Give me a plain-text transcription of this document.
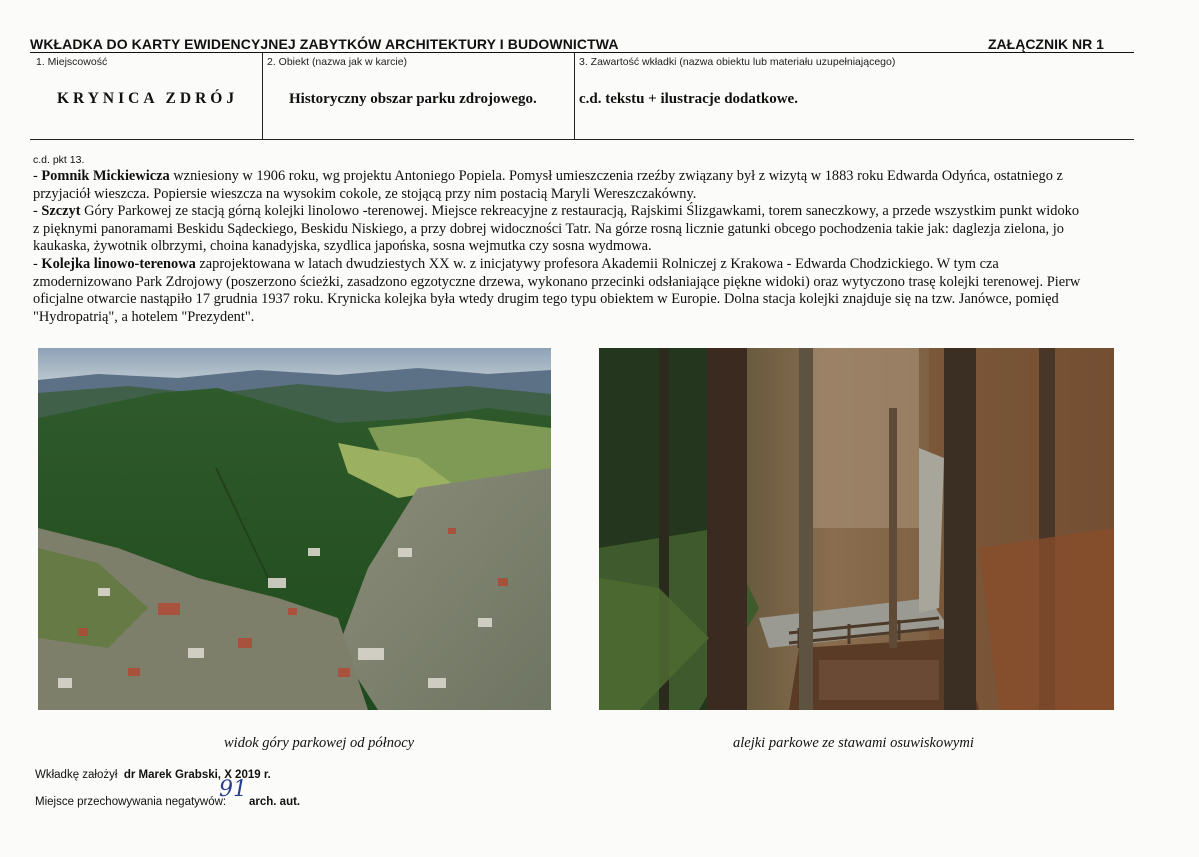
WKŁADKA DO KARTY EWIDENCYJNEJ ZABYTKÓW ARCHITEKTURY I BUDOWNICTWA	ZAŁĄCZNIK NR 1
1. Miejscowość	2. Obiekt (nazwa jak w karcie)	3. Zawartość wkładki (nazwa obiektu lub materiału uzupełniającego)
KRYNICA ZDRÓJ	Historyczny obszar parku zdrojowego.	c.d. tekstu + ilustracje dodatkowe.
c.d. pkt 13.
- Pomnik Mickiewicza wzniesiony w 1906 roku, wg projektu Antoniego Popiela. Pomysł umieszczenia rzeźby związany był z wizytą w 1883 roku Edwarda Odyńca, ostatniego z
przyjaciół wieszcza. Popiersie wieszcza na wysokim cokole, ze stojącą przy nim postacią Maryli Wereszczakówny.
- Szczyt Góry Parkowej ze stacją górną kolejki linolowo -terenowej. Miejsce rekreacyjne z restauracją, Rajskimi Ślizgawkami, torem saneczkowy, a przede wszystkim punkt widoko
z pięknymi panoramami Beskidu Sądeckiego, Beskidu Niskiego, a przy dobrej widoczności Tatr. Na górze rosną licznie gatunki obcego pochodzenia takie jak: daglezja zielona, jo
kaukaska, żywotnik olbrzymi, choina kanadyjska, szydlica japońska, sosna wejmutka czy sosna wydmowa.
- Kolejka linowo-terenowa zaprojektowana w latach dwudziestych XX w. z inicjatywy profesora Akademii Rolniczej z Krakowa - Edwarda Chodzickiego. W tym cza
zmodernizowano Park Zdrojowy (poszerzono ścieżki, zasadzono egzotyczne drzewa, wykonano przecinki odsłaniające piękne widoki) oraz wytyczono trasę kolejki terenowej. Pierw
oficjalne otwarcie nastąpiło 17 grudnia 1937 roku. Krynicka kolejka była wtedy drugim tego typu obiektem w Europie. Dolna stacja kolejki znajduje się na tzw. Janówce, pomięd
"Hydropatrią", a hotelem "Prezydent".
widok góry parkowej od północy	alejki parkowe ze stawami osuwiskowymi
Wkładkę założył dr Marek Grabski, X 2019 r.
Miejsce przechowywania negatywów:
91 arch. aut.
